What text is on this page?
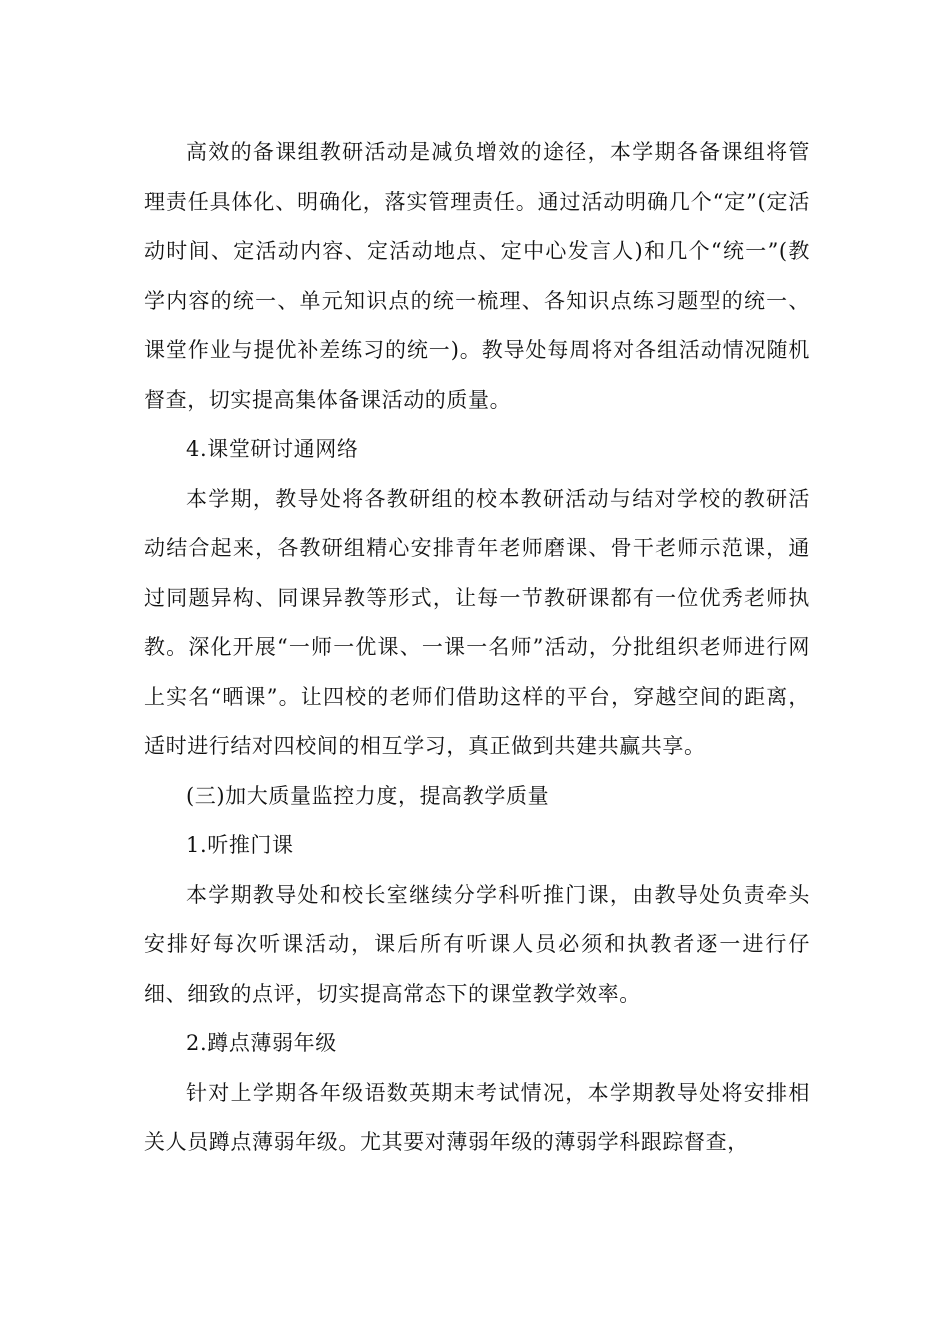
高效的备课组教研活动是减负增效的途径，本学期各备课组将管理责任具体化、明确化，落实管理责任。通过活动明确几个“定”(定活动时间、定活动内容、定活动地点、定中心发言人)和几个“统一”(教学内容的统一、单元知识点的统一梳理、各知识点练习题型的统一、课堂作业与提优补差练习的统一)。教导处每周将对各组活动情况随机督查，切实提高集体备课活动的质量。

4.课堂研讨通网络

本学期，教导处将各教研组的校本教研活动与结对学校的教研活动结合起来，各教研组精心安排青年老师磨课、骨干老师示范课，通过同题异构、同课异教等形式，让每一节教研课都有一位优秀老师执教。深化开展“一师一优课、一课一名师”活动，分批组织老师进行网上实名“晒课”。让四校的老师们借助这样的平台，穿越空间的距离，适时进行结对四校间的相互学习，真正做到共建共赢共享。

(三)加大质量监控力度，提高教学质量

1.听推门课

本学期教导处和校长室继续分学科听推门课，由教导处负责牵头安排好每次听课活动，课后所有听课人员必须和执教者逐一进行仔细、细致的点评，切实提高常态下的课堂教学效率。

2.蹲点薄弱年级

针对上学期各年级语数英期末考试情况，本学期教导处将安排相关人员蹲点薄弱年级。尤其要对薄弱年级的薄弱学科跟踪督查，
